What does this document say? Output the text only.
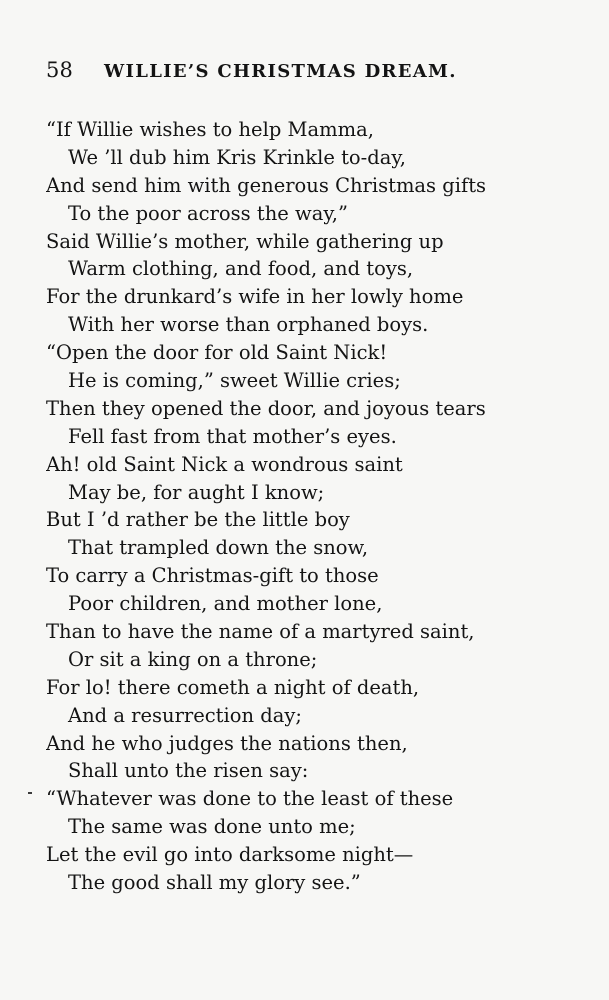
58	WILLIE’S CHRISTMAS DREAM.
“If Willie wishes to help Mamma,
We ’ll dub him Kris Krinkle to-day,
And send him with generous Christmas gifts
To the poor across the way,”
Said Willie’s mother, while gathering up
Warm clothing, and food, and toys,
For the drunkard’s wife in her lowly home
With her worse than orphaned boys.
“Open the door for old Saint Nick!
He is coming,” sweet Willie cries;
Then they opened the door, and joyous tears
Fell fast from that mother’s eyes.
Ah! old Saint Nick a wondrous saint
May be, for aught I know;
But I ’d rather be the little boy
That trampled down the snow,
To carry a Christmas-gift to those
Poor children, and mother lone,
Than to have the name of a martyred saint,
Or sit a king on a throne;
For lo! there cometh a night of death,
And a resurrection day;
And he who judges the nations then,
Shall unto the risen say:
“Whatever was done to the least of these
The same was done unto me;
Let the evil go into darksome night—
The good shall my glory see.”
